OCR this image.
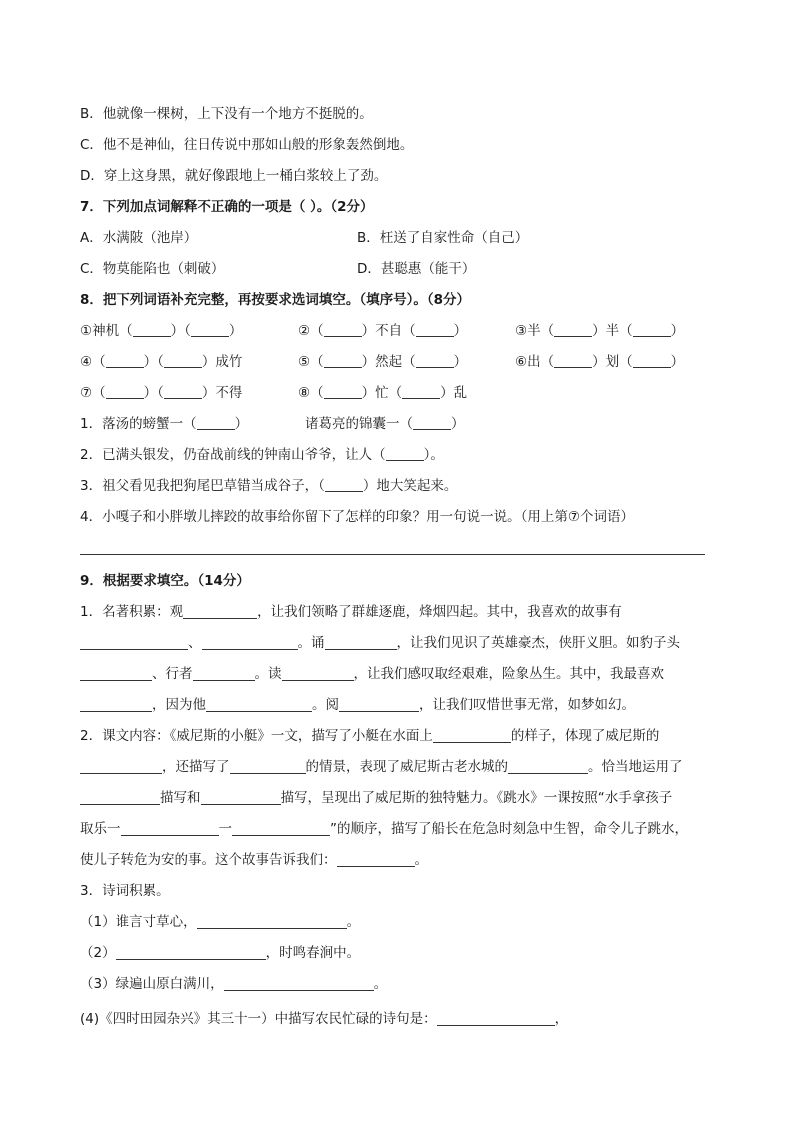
B．他就像一棵树，上下没有一个地方不挺脱的。
C．他不是神仙，往日传说中那如山般的形象轰然倒地。
D．穿上这身黑，就好像跟地上一桶白浆较上了劲。
7．下列加点词解释不正确的一项是（ ）。（2分）
A．水满陂（池岸）	B．枉送了自家性命（自己）
C．物莫能陷也（刺破）	D．甚聪惠（能干）
8．把下列词语补充完整，再按要求选词填空。（填序号）。（8分）
①神机（	）（	）	②（	）不自（	）	③半（	）半（	）
④（	）（	）成竹	⑤（	）然起（	）	⑥出（	）划（	）
⑦（	）（	）不得	⑧（	）忙（	）乱
1．落汤的螃蟹一（	）	诸葛亮的锦囊一（	）
2．已满头银发，仍奋战前线的钟南山爷爷，让人（	）。
3．祖父看见我把狗尾巴草错当成谷子，（	）地大笑起来。
4．小嘎子和小胖墩儿摔跤的故事给你留下了怎样的印象？用一句说一说。（用上第⑦个词语）
9．根据要求填空。（14分）
1．名著积累：观	，让我们领略了群雄逐鹿，烽烟四起。其中，我喜欢的故事有
、	。诵	，让我们见识了英雄豪杰，侠肝义胆。如豹子头
、行者	。读	，让我们感叹取经艰难，险象丛生。其中，我最喜欢
，因为他	。阅	，让我们叹惜世事无常，如梦如幻。
2．课文内容：《威尼斯的小艇》一文，描写了小艇在水面上	的样子，体现了威尼斯的
，还描写了	的情景，表现了威尼斯古老水城的	。恰当地运用了
描写和	描写，呈现出了威尼斯的独特魅力。《跳水》一课按照“水手拿孩子
取乐一	一	”的顺序，描写了船长在危急时刻急中生智，命令儿子跳水，
使儿子转危为安的事。这个故事告诉我们：	。
3．诗词积累。
（1）谁言寸草心，	。
（2）	，时鸣春涧中。
（3）绿遍山原白满川，	。
(4)《四时田园杂兴》其三十一）中描写农民忙碌的诗句是：	，
